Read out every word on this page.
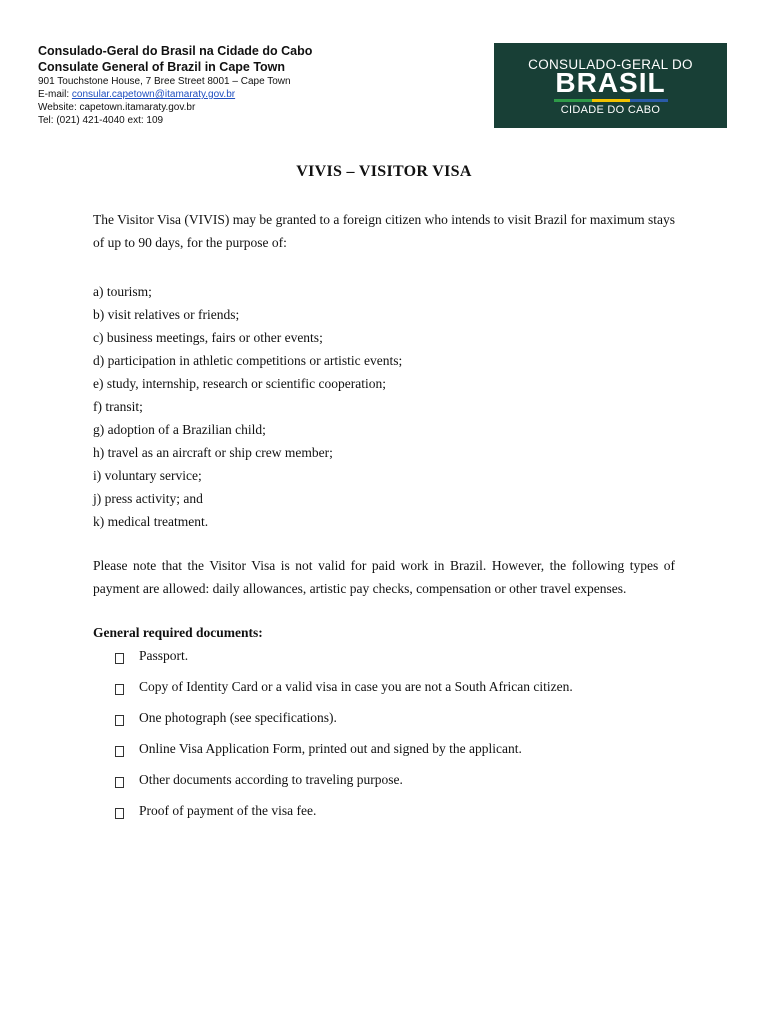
Consulado-Geral do Brasil na Cidade do Cabo
Consulate General of Brazil in Cape Town
901 Touchstone House, 7 Bree Street 8001 – Cape Town
E-mail: consular.capetown@itamaraty.gov.br
Website: capetown.itamaraty.gov.br
Tel: (021) 421-4040 ext: 109
CONSULADO-GERAL DO
BRASIL
CIDADE DO CABO
VIVIS – VISITOR VISA
The Visitor Visa (VIVIS) may be granted to a foreign citizen who intends to visit Brazil for maximum stays of up to 90 days, for the purpose of:
a) tourism;
b) visit relatives or friends;
c) business meetings, fairs or other events;
d) participation in athletic competitions or artistic events;
e) study, internship, research or scientific cooperation;
f) transit;
g) adoption of a Brazilian child;
h) travel as an aircraft or ship crew member;
i) voluntary service;
j) press activity; and
k) medical treatment.
Please note that the Visitor Visa is not valid for paid work in Brazil. However, the following types of payment are allowed: daily allowances, artistic pay checks, compensation or other travel expenses.
General required documents:
Passport.
Copy of Identity Card or a valid visa in case you are not a South African citizen.
One photograph (see specifications).
Online Visa Application Form, printed out and signed by the applicant.
Other documents according to traveling purpose.
Proof of payment of the visa fee.
